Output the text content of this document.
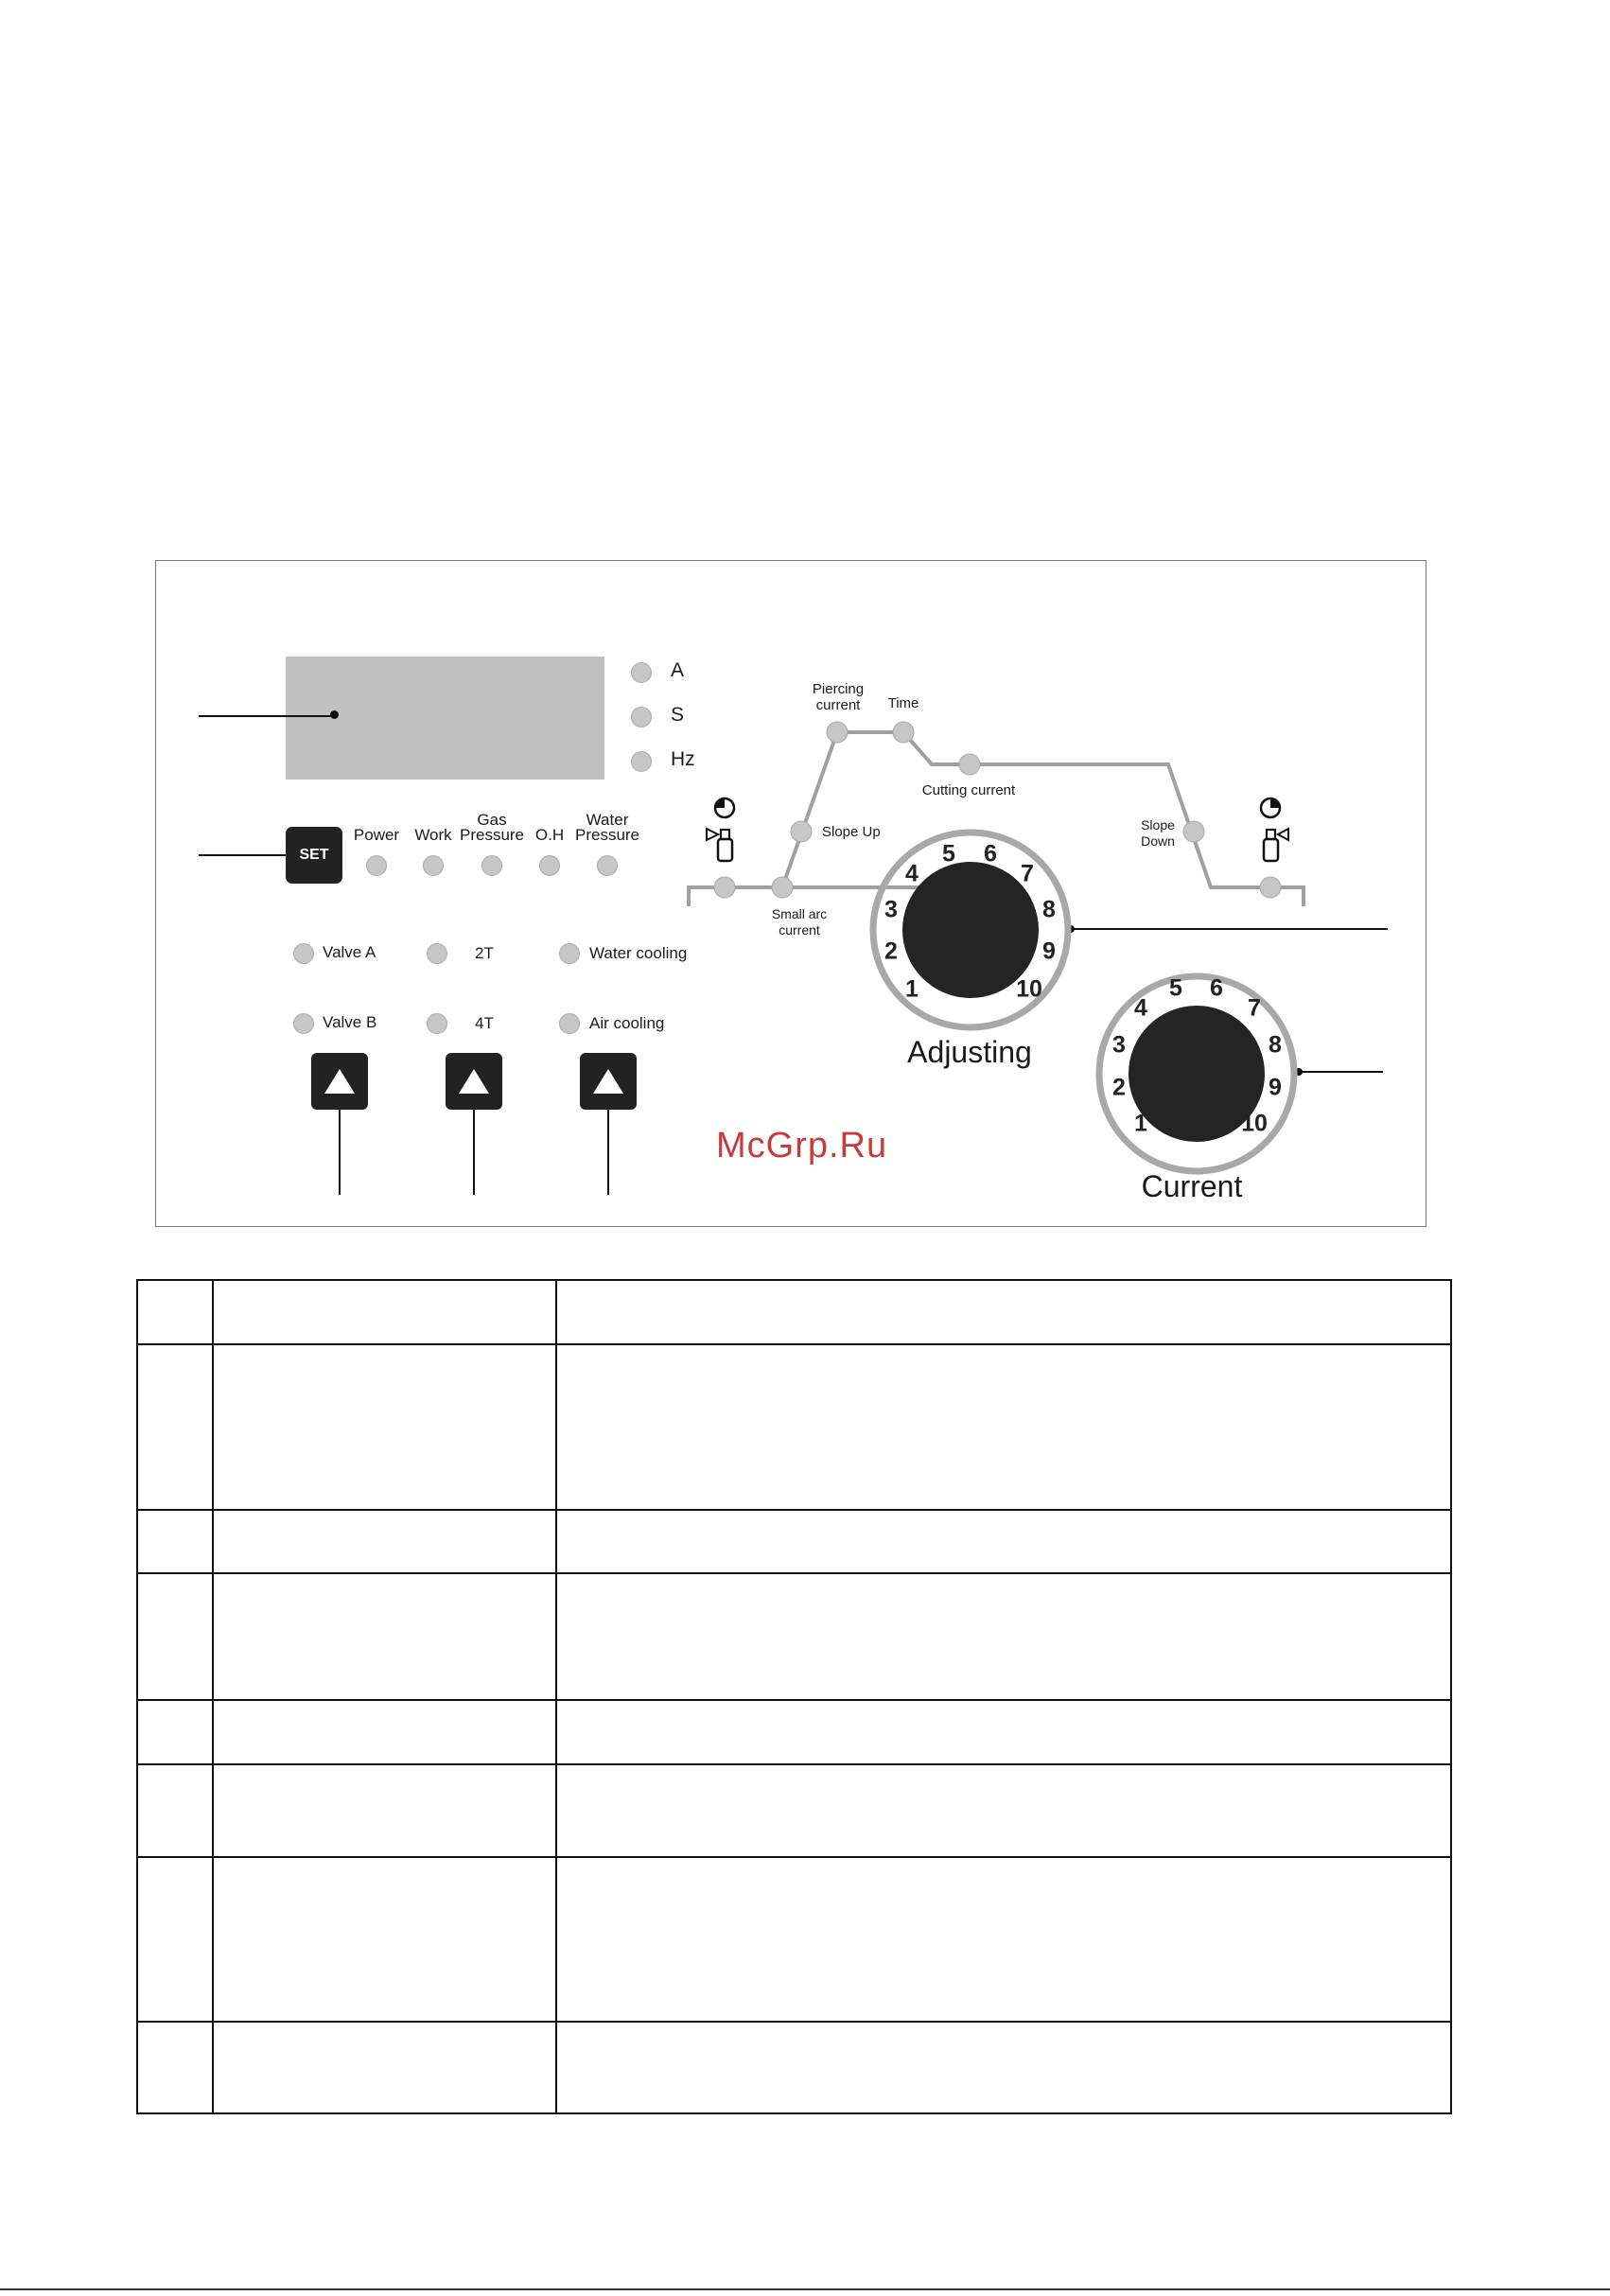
A
S
Hz
SET
Power Work
Gas
Pressure O.H
Water
Pressure
Valve A
Valve B
2T
4T
Water cooling
Air cooling
Piercing
current Time
Cutting current
Slope Up	Slope
Down
Small arc
current
1
2
3
4
5 6
7
8
9
10
Adjusting
1
2
3
4
5 6
7
8
9
10
Current
McGrp.Ru
